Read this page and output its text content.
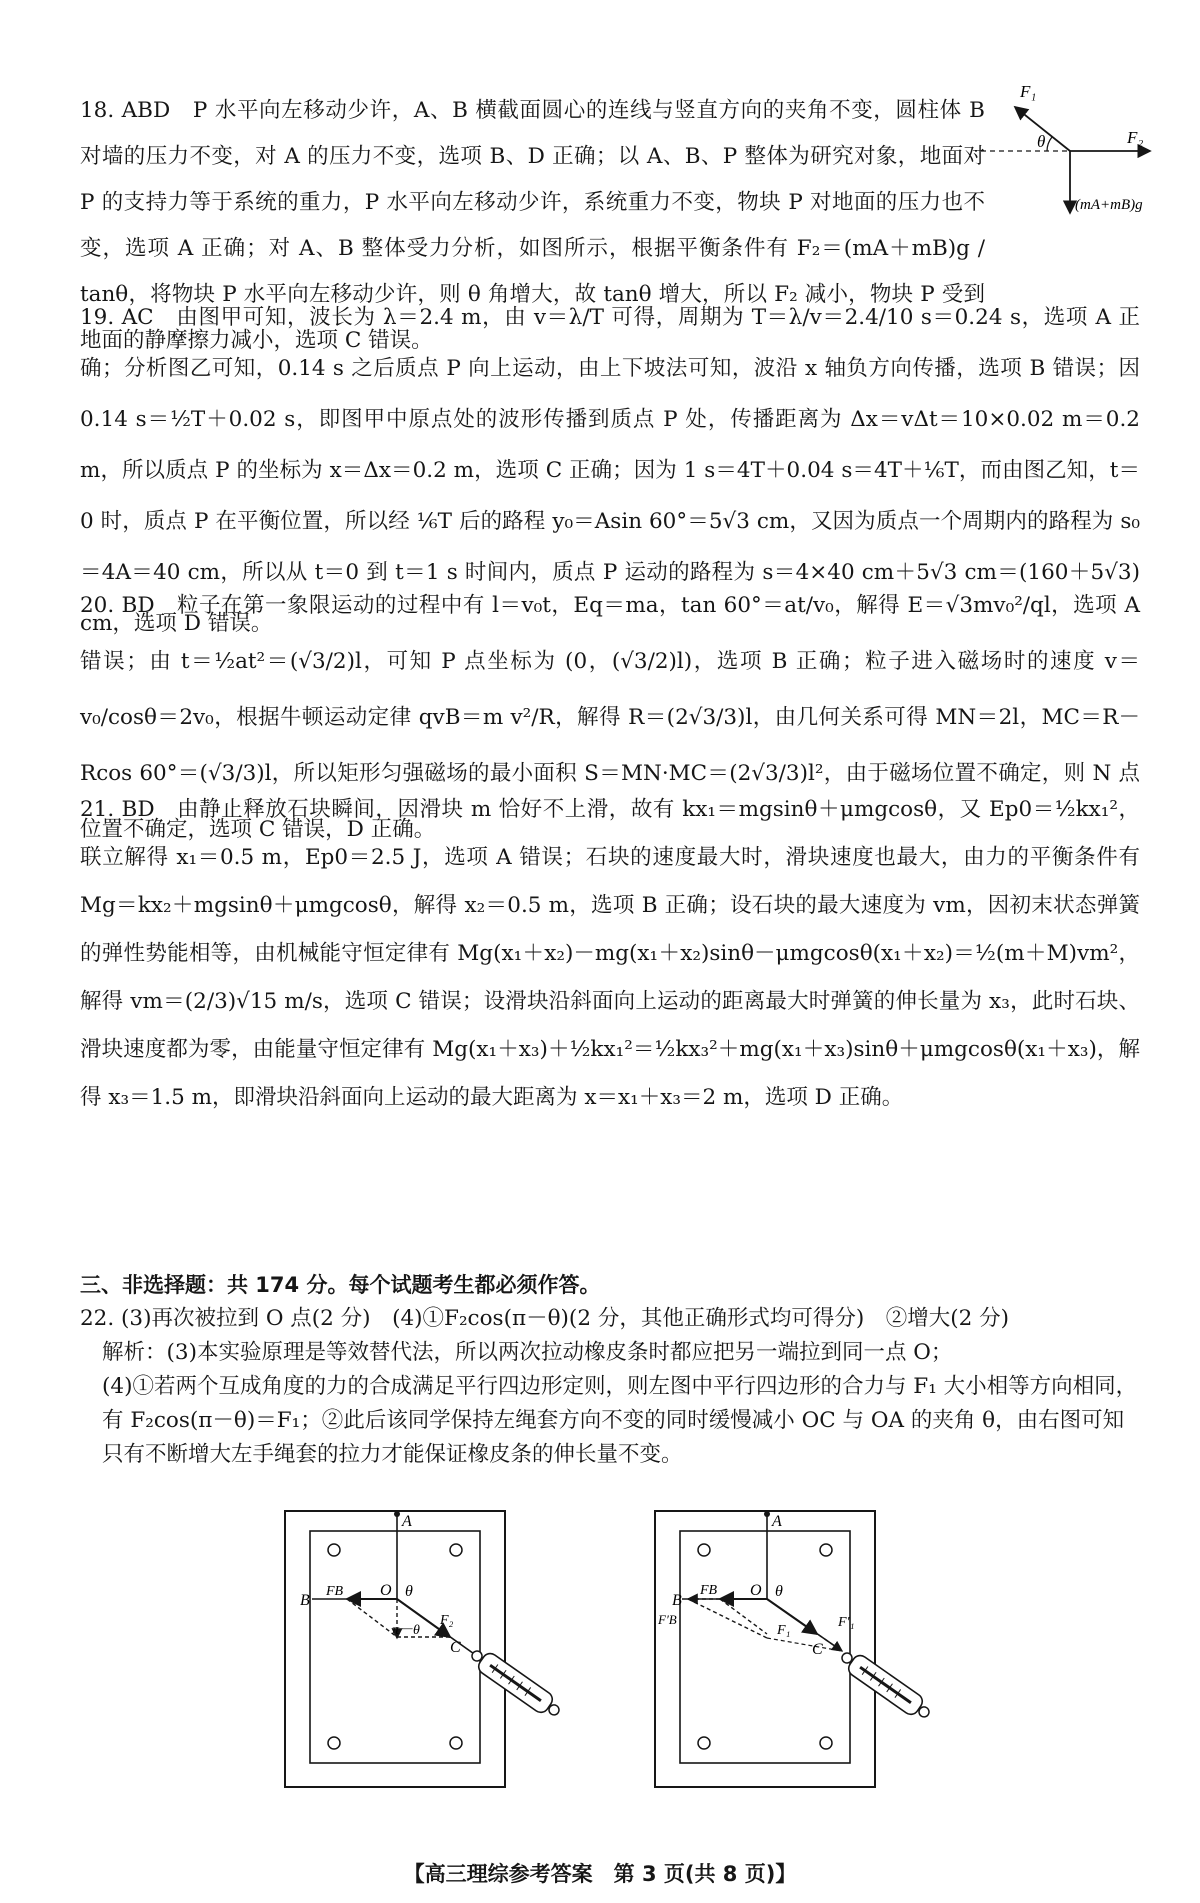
18. ABD　P 水平向左移动少许，A、B 横截面圆心的连线与竖直方向的夹角不变，圆柱体 B 对墙的压力不变，对 A 的压力不变，选项 B、D 正确；以 A、B、P 整体为研究对象，地面对 P 的支持力等于系统的重力，P 水平向左移动少许，系统重力不变，物块 P 对地面的压力也不变，选项 A 正确；对 A、B 整体受力分析，如图所示，根据平衡条件有 F₂＝(mA＋mB)g / tanθ，将物块 P 水平向左移动少许，则 θ 角增大，故 tanθ 增大，所以 F₂ 减小，物块 P 受到地面的静摩擦力减小，选项 C 错误。
F₁
θ	F₂
(mA+mB)g
19. AC　由图甲可知，波长为 λ＝2.4 m，由 v＝λ/T 可得，周期为 T＝λ/v＝2.4/10 s＝0.24 s，选项 A 正确；分析图乙可知，0.14 s 之后质点 P 向上运动，由上下坡法可知，波沿 x 轴负方向传播，选项 B 错误；因 0.14 s＝½T＋0.02 s，即图甲中原点处的波形传播到质点 P 处，传播距离为 Δx＝vΔt＝10×0.02 m＝0.2 m，所以质点 P 的坐标为 x＝Δx＝0.2 m，选项 C 正确；因为 1 s＝4T＋0.04 s＝4T＋⅙T，而由图乙知，t＝0 时，质点 P 在平衡位置，所以经 ⅙T 后的路程 y₀＝Asin 60°＝5√3 cm，又因为质点一个周期内的路程为 s₀＝4A＝40 cm，所以从 t＝0 到 t＝1 s 时间内，质点 P 运动的路程为 s＝4×40 cm＋5√3 cm＝(160＋5√3) cm，选项 D 错误。
20. BD　粒子在第一象限运动的过程中有 l＝v₀t，Eq＝ma，tan 60°＝at/v₀，解得 E＝√3mv₀²/ql，选项 A 错误；由 t＝½at²＝(√3/2)l，可知 P 点坐标为 (0，(√3/2)l)，选项 B 正确；粒子进入磁场时的速度 v＝v₀/cosθ＝2v₀，根据牛顿运动定律 qvB＝m v²/R，解得 R＝(2√3/3)l，由几何关系可得 MN＝2l，MC＝R－Rcos 60°＝(√3/3)l，所以矩形匀强磁场的最小面积 S＝MN·MC＝(2√3/3)l²，由于磁场位置不确定，则 N 点位置不确定，选项 C 错误，D 正确。
21. BD　由静止释放石块瞬间，因滑块 m 恰好不上滑，故有 kx₁＝mgsinθ＋μmgcosθ，又 Ep0＝½kx₁²，联立解得 x₁＝0.5 m，Ep0＝2.5 J，选项 A 错误；石块的速度最大时，滑块速度也最大，由力的平衡条件有 Mg＝kx₂＋mgsinθ＋μmgcosθ，解得 x₂＝0.5 m，选项 B 正确；设石块的最大速度为 vm，因初末状态弹簧的弹性势能相等，由机械能守恒定律有 Mg(x₁＋x₂)－mg(x₁＋x₂)sinθ－μmgcosθ(x₁＋x₂)＝½(m＋M)vm²，解得 vm＝(2/3)√15 m/s，选项 C 错误；设滑块沿斜面向上运动的距离最大时弹簧的伸长量为 x₃，此时石块、滑块速度都为零，由能量守恒定律有 Mg(x₁＋x₃)＋½kx₁²＝½kx₃²＋mg(x₁＋x₃)sinθ＋μmgcosθ(x₁＋x₃)，解得 x₃＝1.5 m，即滑块沿斜面向上运动的最大距离为 x＝x₁＋x₃＝2 m，选项 D 正确。
三、非选择题：共 174 分。每个试题考生都必须作答。
22. (3)再次被拉到 O 点(2 分)　(4)①F₂cos(π－θ)(2 分，其他正确形式均可得分)　②增大(2 分)
解析：(3)本实验原理是等效替代法，所以两次拉动橡皮条时都应把另一端拉到同一点 O；
(4)①若两个互成角度的力的合成满足平行四边形定则，则左图中平行四边形的合力与 F₁ 大小相等方向相同，有 F₂cos(π－θ)＝F₁；②此后该同学保持左绳套方向不变的同时缓慢减小 OC 与 OA 的夹角 θ，由右图可知只有不断增大左手绳套的拉力才能保证橡皮条的伸长量不变。
A
B
FB O θ
π－θ
F₂
C
A
B
F′B
FB O θ
F₁
F′₁
C
【高三理综参考答案　第 3 页(共 8 页)】
